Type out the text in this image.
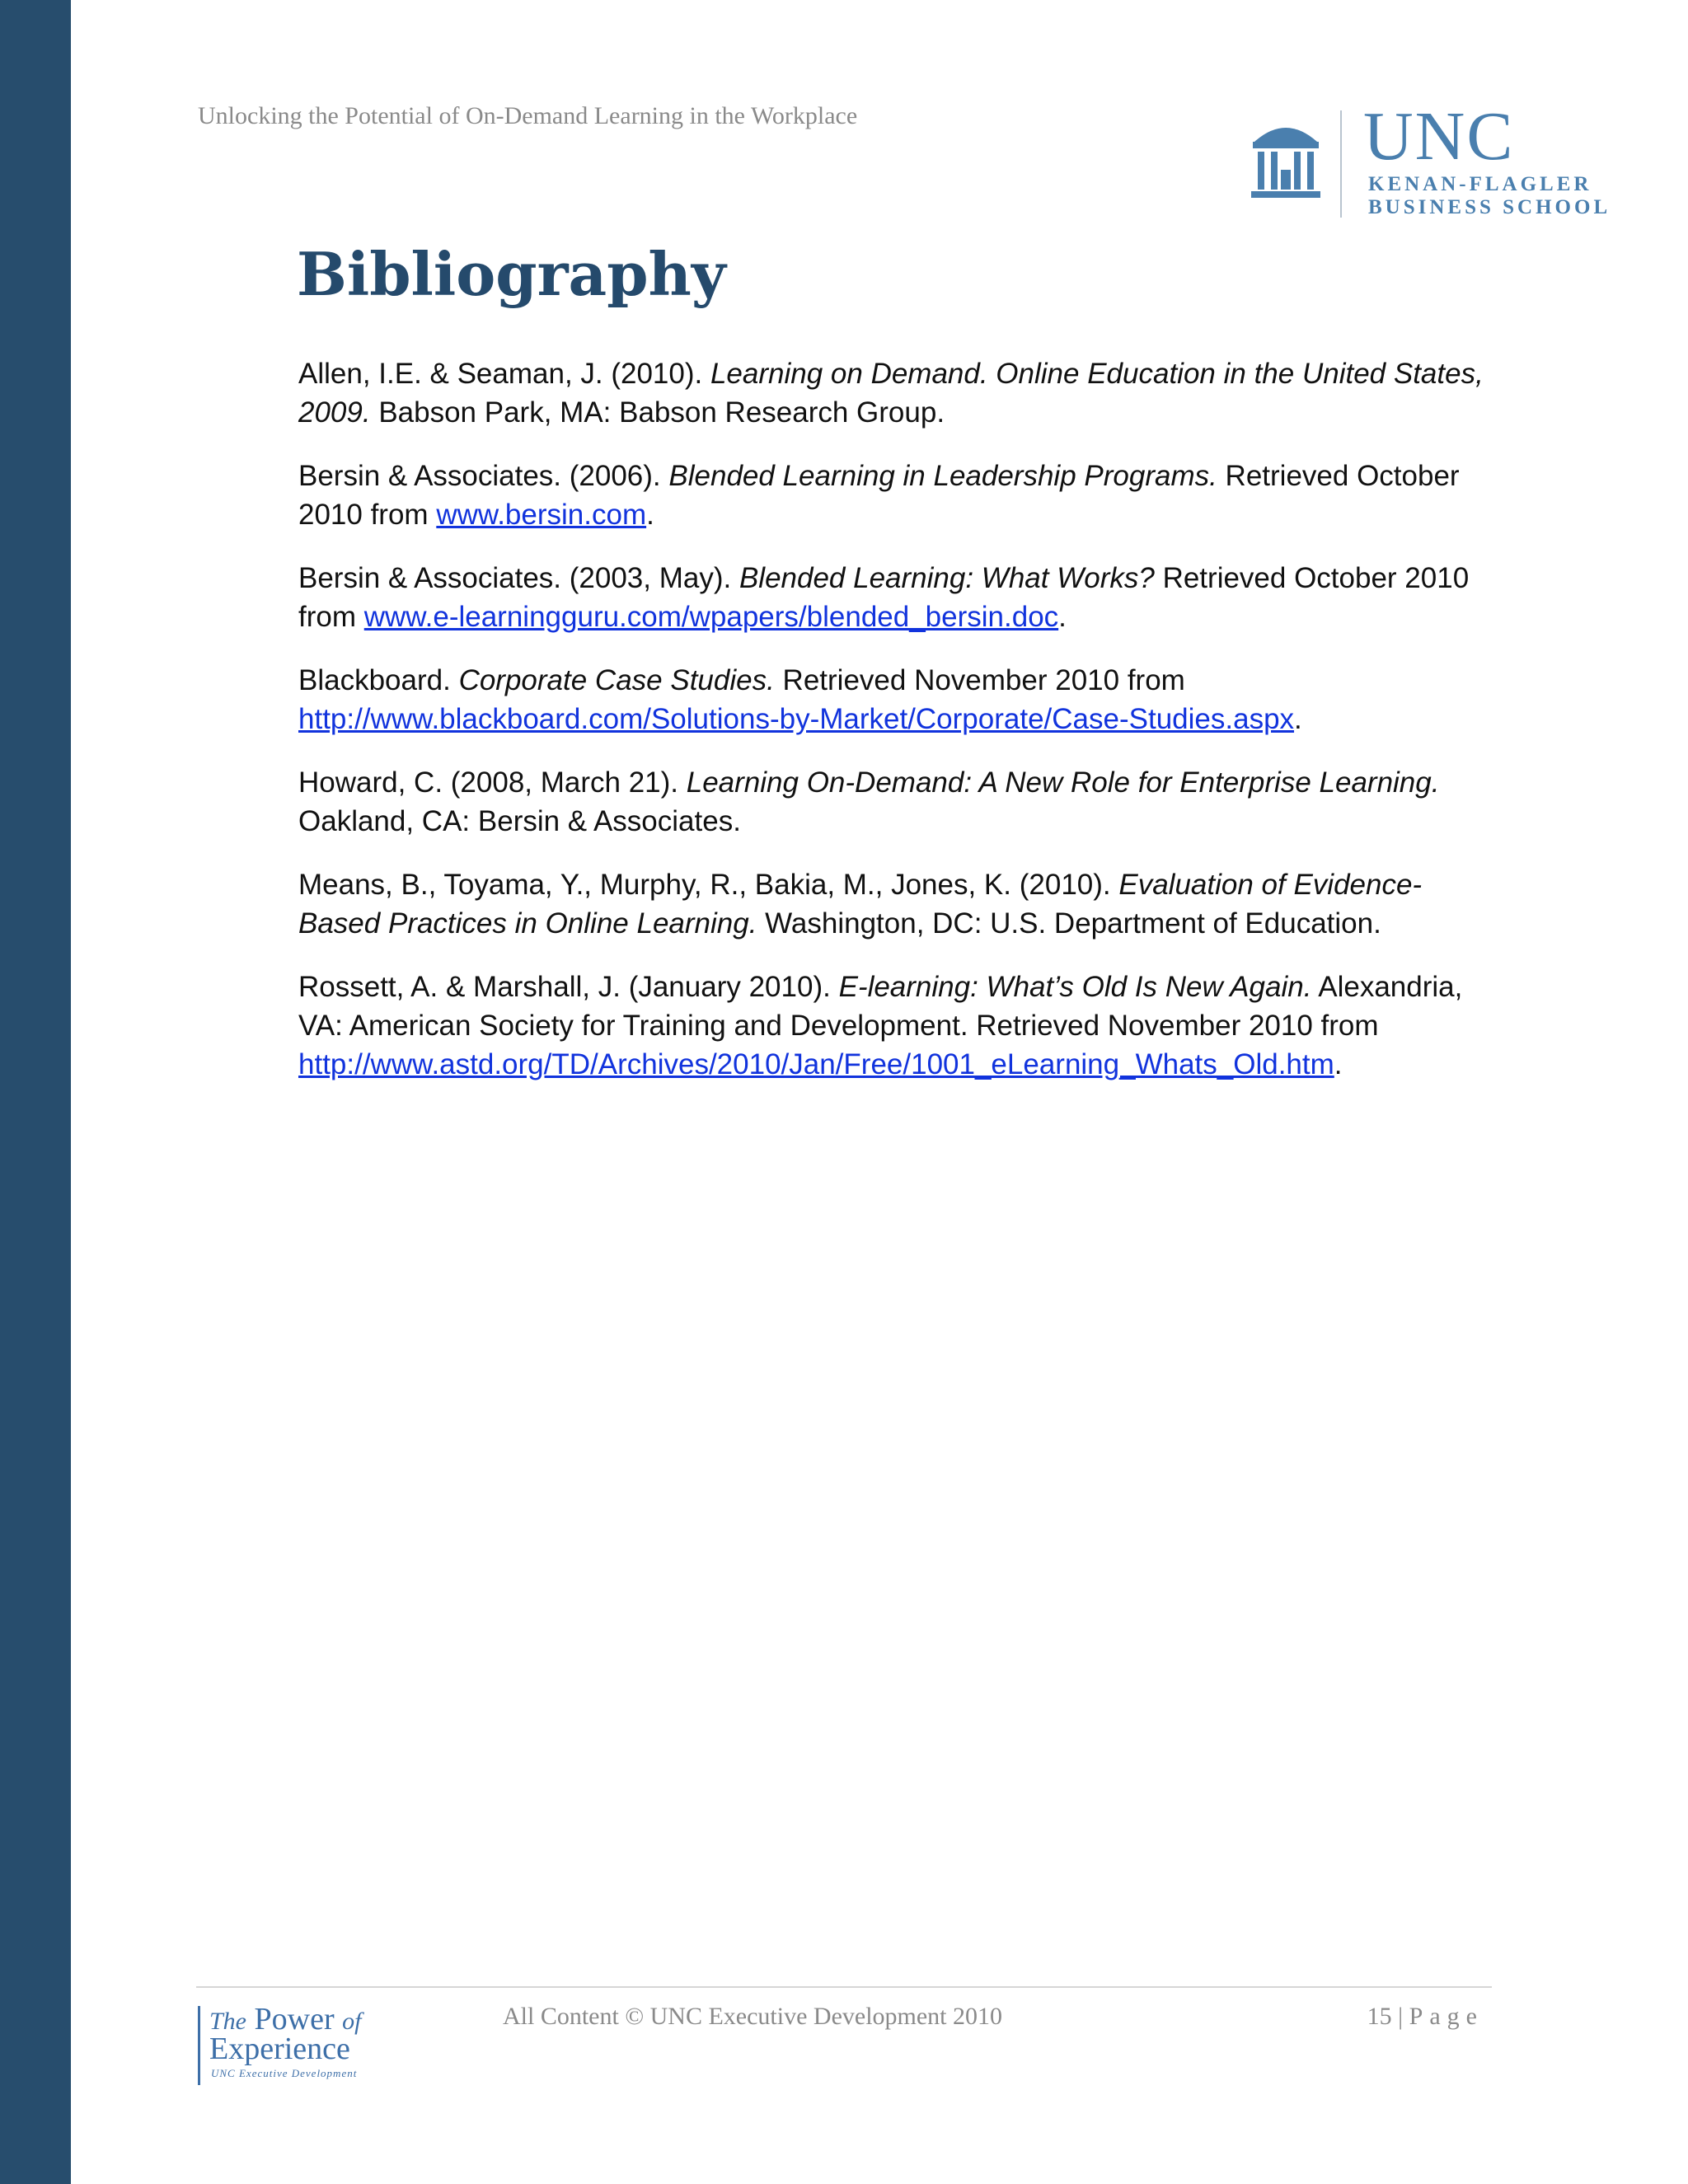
Unlocking the Potential of On-Demand Learning in the Workplace	UNC
KENAN-FLAGLER
BUSINESS SCHOOL
Bibliography

Allen, I.E. & Seaman, J. (2010). Learning on Demand. Online Education in the United States, 2009. Babson Park, MA: Babson Research Group.

Bersin & Associates. (2006). Blended Learning in Leadership Programs. Retrieved October 2010 from www.bersin.com.

Bersin & Associates. (2003, May). Blended Learning: What Works? Retrieved October 2010 from www.e-learningguru.com/wpapers/blended_bersin.doc.

Blackboard. Corporate Case Studies. Retrieved November 2010 from
http://www.blackboard.com/Solutions-by-Market/Corporate/Case-Studies.aspx.

Howard, C. (2008, March 21). Learning On-Demand: A New Role for Enterprise Learning. Oakland, CA: Bersin & Associates.

Means, B., Toyama, Y., Murphy, R., Bakia, M., Jones, K. (2010). Evaluation of Evidence-Based Practices in Online Learning. Washington, DC: U.S. Department of Education.

Rossett, A. & Marshall, J. (January 2010). E-learning: What’s Old Is New Again. Alexandria, VA: American Society for Training and Development. Retrieved November 2010 from http://www.astd.org/TD/Archives/2010/Jan/Free/1001_eLearning_Whats_Old.htm.

The Power of
Experience
UNC Executive Development
All Content © UNC Executive Development 2010	15 | Page
